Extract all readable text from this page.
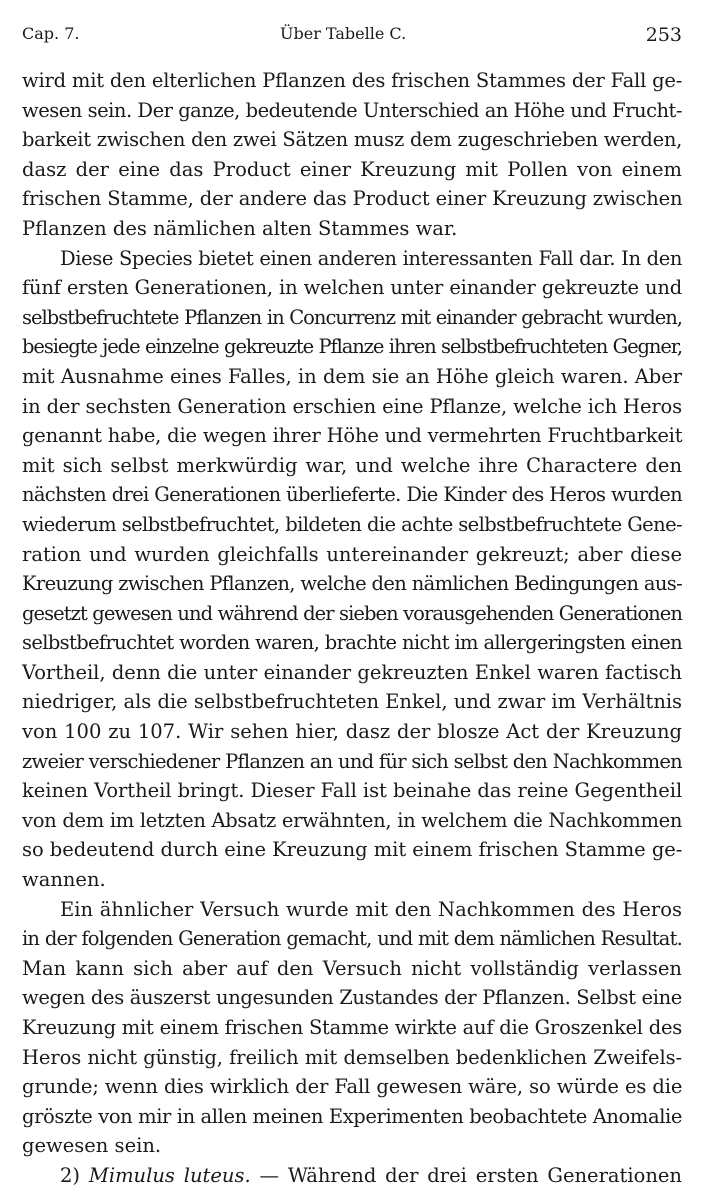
Cap. 7.	Über Tabelle C.	253
wird mit den elterlichen Pflanzen des frischen Stammes der Fall ge-
wesen sein. Der ganze, bedeutende Unterschied an Höhe und Frucht-
barkeit zwischen den zwei Sätzen musz dem zugeschrieben werden,
dasz der eine das Product einer Kreuzung mit Pollen von einem
frischen Stamme, der andere das Product einer Kreuzung zwischen
Pflanzen des nämlichen alten Stammes war.
Diese Species bietet einen anderen interessanten Fall dar. In den
fünf ersten Generationen, in welchen unter einander gekreuzte und
selbstbefruchtete Pflanzen in Concurrenz mit einander gebracht wurden,
besiegte jede einzelne gekreuzte Pflanze ihren selbstbefruchteten Gegner,
mit Ausnahme eines Falles, in dem sie an Höhe gleich waren. Aber
in der sechsten Generation erschien eine Pflanze, welche ich Heros
genannt habe, die wegen ihrer Höhe und vermehrten Fruchtbarkeit
mit sich selbst merkwürdig war, und welche ihre Charactere den
nächsten drei Generationen überlieferte. Die Kinder des Heros wurden
wiederum selbstbefruchtet, bildeten die achte selbstbefruchtete Gene-
ration und wurden gleichfalls untereinander gekreuzt; aber diese
Kreuzung zwischen Pflanzen, welche den nämlichen Bedingungen aus-
gesetzt gewesen und während der sieben vorausgehenden Generationen
selbstbefruchtet worden waren, brachte nicht im allergeringsten einen
Vortheil, denn die unter einander gekreuzten Enkel waren factisch
niedriger, als die selbstbefruchteten Enkel, und zwar im Verhältnis
von 100 zu 107. Wir sehen hier, dasz der blosze Act der Kreuzung
zweier verschiedener Pflanzen an und für sich selbst den Nachkommen
keinen Vortheil bringt. Dieser Fall ist beinahe das reine Gegentheil
von dem im letzten Absatz erwähnten, in welchem die Nachkommen
so bedeutend durch eine Kreuzung mit einem frischen Stamme ge-
wannen.
Ein ähnlicher Versuch wurde mit den Nachkommen des Heros
in der folgenden Generation gemacht, und mit dem nämlichen Resultat.
Man kann sich aber auf den Versuch nicht vollständig verlassen
wegen des äuszerst ungesunden Zustandes der Pflanzen. Selbst eine
Kreuzung mit einem frischen Stamme wirkte auf die Groszenkel des
Heros nicht günstig, freilich mit demselben bedenklichen Zweifels-
grunde; wenn dies wirklich der Fall gewesen wäre, so würde es die
gröszte von mir in allen meinen Experimenten beobachtete Anomalie
gewesen sein.
2) Mimulus luteus. — Während der drei ersten Generationen
